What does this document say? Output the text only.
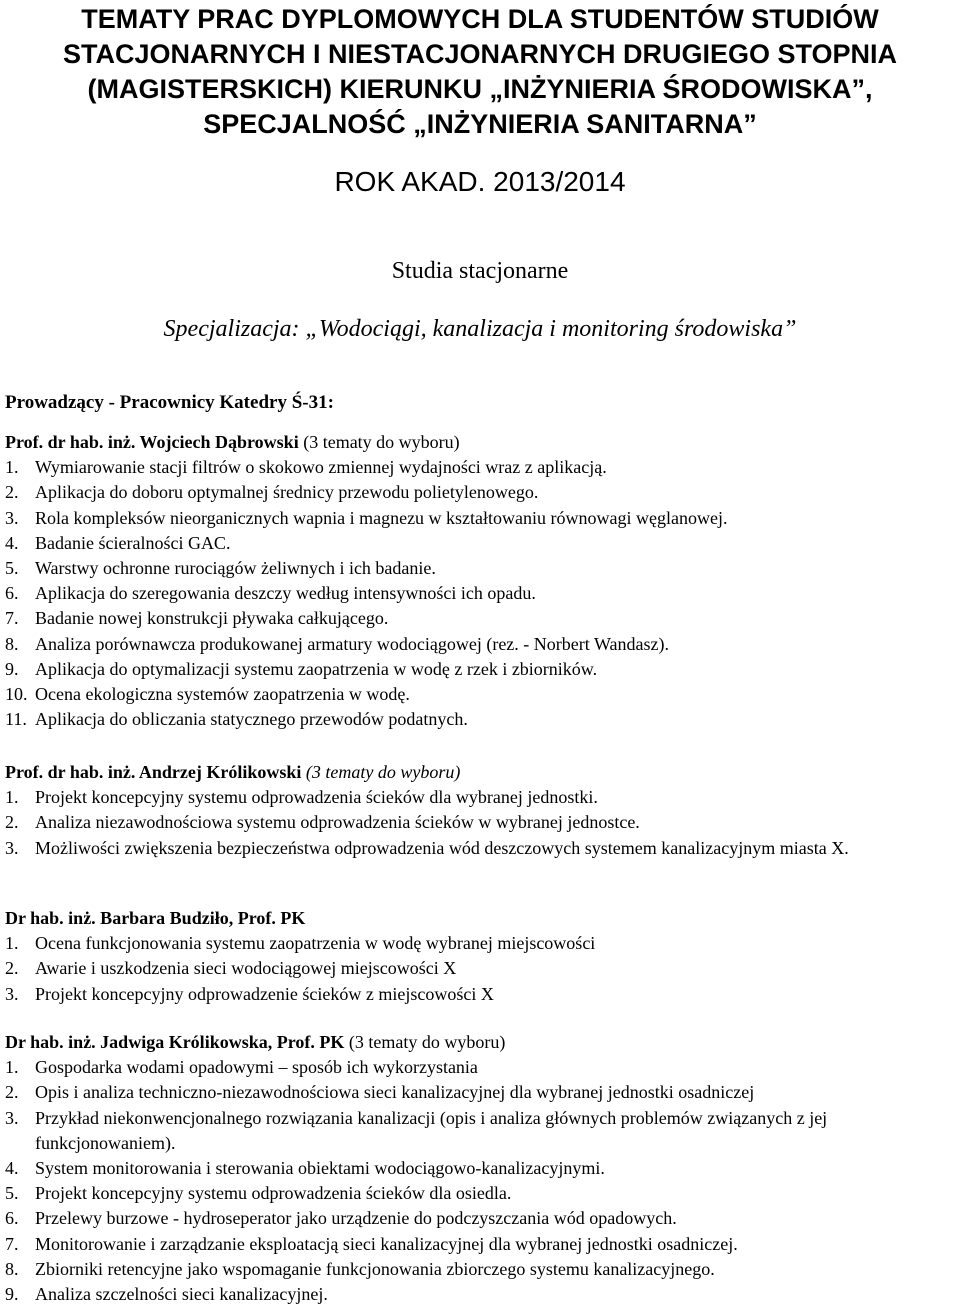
TEMATY PRAC DYPLOMOWYCH DLA STUDENTÓW STUDIÓW
STACJONARNYCH I NIESTACJONARNYCH DRUGIEGO STOPNIA
(MAGISTERSKICH) KIERUNKU „INŻYNIERIA ŚRODOWISKA”,
SPECJALNOŚĆ „INŻYNIERIA SANITARNA”

ROK AKAD. 2013/2014

Studia stacjonarne

Specjalizacja: „Wodociągi, kanalizacja i monitoring środowiska”

Prowadzący - Pracownicy Katedry Ś-31:

Prof. dr hab. inż. Wojciech Dąbrowski (3 tematy do wyboru)
1. Wymiarowanie stacji filtrów o skokowo zmiennej wydajności wraz z aplikacją.
2. Aplikacja do doboru optymalnej średnicy przewodu polietylenowego.
3. Rola kompleksów nieorganicznych wapnia i magnezu w kształtowaniu równowagi węglanowej.
4. Badanie ścieralności GAC.
5. Warstwy ochronne rurociągów żeliwnych i ich badanie.
6. Aplikacja do szeregowania deszczy według intensywności ich opadu.
7. Badanie nowej konstrukcji pływaka całkującego.
8. Analiza porównawcza produkowanej armatury wodociągowej (rez. - Norbert Wandasz).
9. Aplikacja do optymalizacji systemu zaopatrzenia w wodę z rzek i zbiorników.
10. Ocena ekologiczna systemów zaopatrzenia w wodę.
11. Aplikacja do obliczania statycznego przewodów podatnych.
Prof. dr hab. inż. Andrzej Królikowski (3 tematy do wyboru)
1. Projekt koncepcyjny systemu odprowadzenia ścieków dla wybranej jednostki.
2. Analiza niezawodnościowa systemu odprowadzenia ścieków w wybranej jednostce.
3. Możliwości zwiększenia bezpieczeństwa odprowadzenia wód deszczowych systemem kanalizacyjnym miasta X.
Dr hab. inż. Barbara Budziło, Prof. PK
1. Ocena funkcjonowania systemu zaopatrzenia w wodę wybranej miejscowości
2. Awarie i uszkodzenia sieci wodociągowej miejscowości X
3. Projekt koncepcyjny odprowadzenie ścieków z miejscowości X
Dr hab. inż. Jadwiga Królikowska, Prof. PK (3 tematy do wyboru)
1. Gospodarka wodami opadowymi – sposób ich wykorzystania
2. Opis i analiza techniczno-niezawodnościowa sieci kanalizacyjnej dla wybranej jednostki osadniczej
3. Przykład niekonwencjonalnego rozwiązania kanalizacji (opis i analiza głównych problemów związanych z jej funkcjonowaniem).
4. System monitorowania i sterowania obiektami wodociągowo-kanalizacyjnymi.
5. Projekt koncepcyjny systemu odprowadzenia ścieków dla osiedla.
6. Przelewy burzowe - hydroseperator jako urządzenie do podczyszczania wód opadowych.
7. Monitorowanie i zarządzanie eksploatacją sieci kanalizacyjnej dla wybranej jednostki osadniczej.
8. Zbiorniki retencyjne jako wspomaganie funkcjonowania zbiorczego systemu kanalizacyjnego.
9. Analiza szczelności sieci kanalizacyjnej.
